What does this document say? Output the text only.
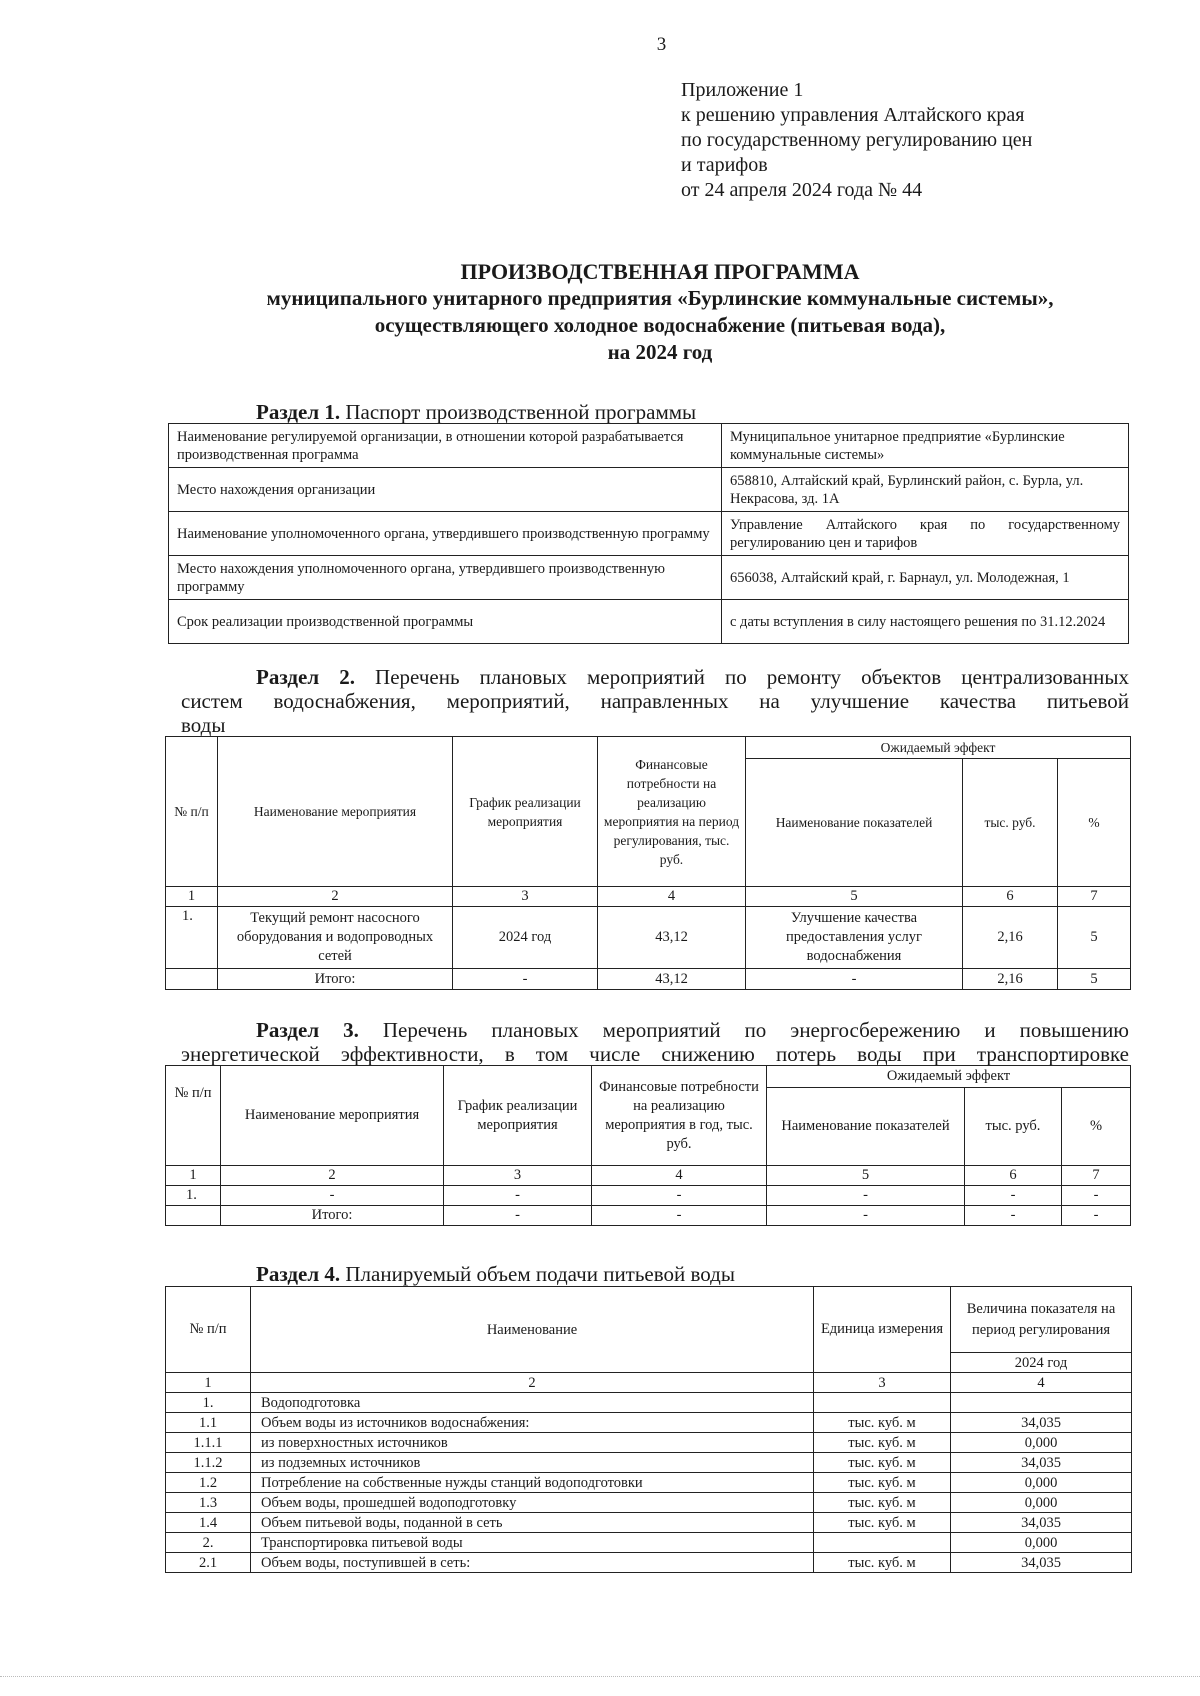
3
Приложение 1
к решению управления Алтайского края
по государственному регулированию цен
и тарифов
от 24 апреля 2024 года № 44
ПРОИЗВОДСТВЕННАЯ ПРОГРАММА
муниципального унитарного предприятия «Бурлинские коммунальные системы»,
осуществляющего холодное водоснабжение (питьевая вода),
на 2024 год
Раздел 1. Паспорт производственной программы
Наименование регулируемой организации, в отношении которой разрабатывается производственная программа	Муниципальное унитарное предприятие «Бурлинские коммунальные системы»
Место нахождения организации	658810, Алтайский край, Бурлинский район, с. Бурла, ул. Некрасова, зд. 1А
Наименование уполномоченного органа, утвердившего производственную программу	Управление Алтайского края по государственному регулированию цен и тарифов
Место нахождения уполномоченного органа, утвердившего производственную программу	656038, Алтайский край, г. Барнаул, ул. Молодежная, 1
Срок реализации производственной программы	с даты вступления в силу настоящего решения по 31.12.2024
Раздел 2. Перечень плановых мероприятий по ремонту объектов централизованных
систем водоснабжения, мероприятий, направленных на улучшение качества питьевой
воды
№ п/п	Наименование мероприятия	График реализации мероприятия	Финансовые потребности на реализацию мероприятия на период регулирования, тыс. руб.	Ожидаемый эффект		
				Наименование показателей	тыс. руб.	%
1	2	3	4	5	6	7
1.	Текущий ремонт насосного оборудования и водопроводных сетей	2024 год	43,12	Улучшение качества предоставления услуг водоснабжения	2,16	5
	Итого:	-	43,12	-	2,16	5
Раздел 3. Перечень плановых мероприятий по энергосбережению и повышению
энергетической эффективности, в том числе снижению потерь воды при транспортировке
№ п/п	Наименование мероприятия	График реализации мероприятия	Финансовые потребности на реализацию мероприятия в год, тыс. руб.	Ожидаемый эффект		
				Наименование показателей	тыс. руб.	%
1	2	3	4	5	6	7
1.	-	-	-	-	-	-
	Итого:	-	-	-	-	-
Раздел 4. Планируемый объем подачи питьевой воды
№ п/п	Наименование	Единица измерения	Величина показателя на период регулирования
			2024 год
1	2	3	4
1.	Водоподготовка		
1.1	Объем воды из источников водоснабжения:	тыс. куб. м	34,035
1.1.1	из поверхностных источников	тыс. куб. м	0,000
1.1.2	из подземных источников	тыс. куб. м	34,035
1.2	Потребление на собственные нужды станций водоподготовки	тыс. куб. м	0,000
1.3	Объем воды, прошедшей водоподготовку	тыс. куб. м	0,000
1.4	Объем питьевой воды, поданной в сеть	тыс. куб. м	34,035
2.	Транспортировка питьевой воды		0,000
2.1	Объем воды, поступившей в сеть:	тыс. куб. м	34,035
